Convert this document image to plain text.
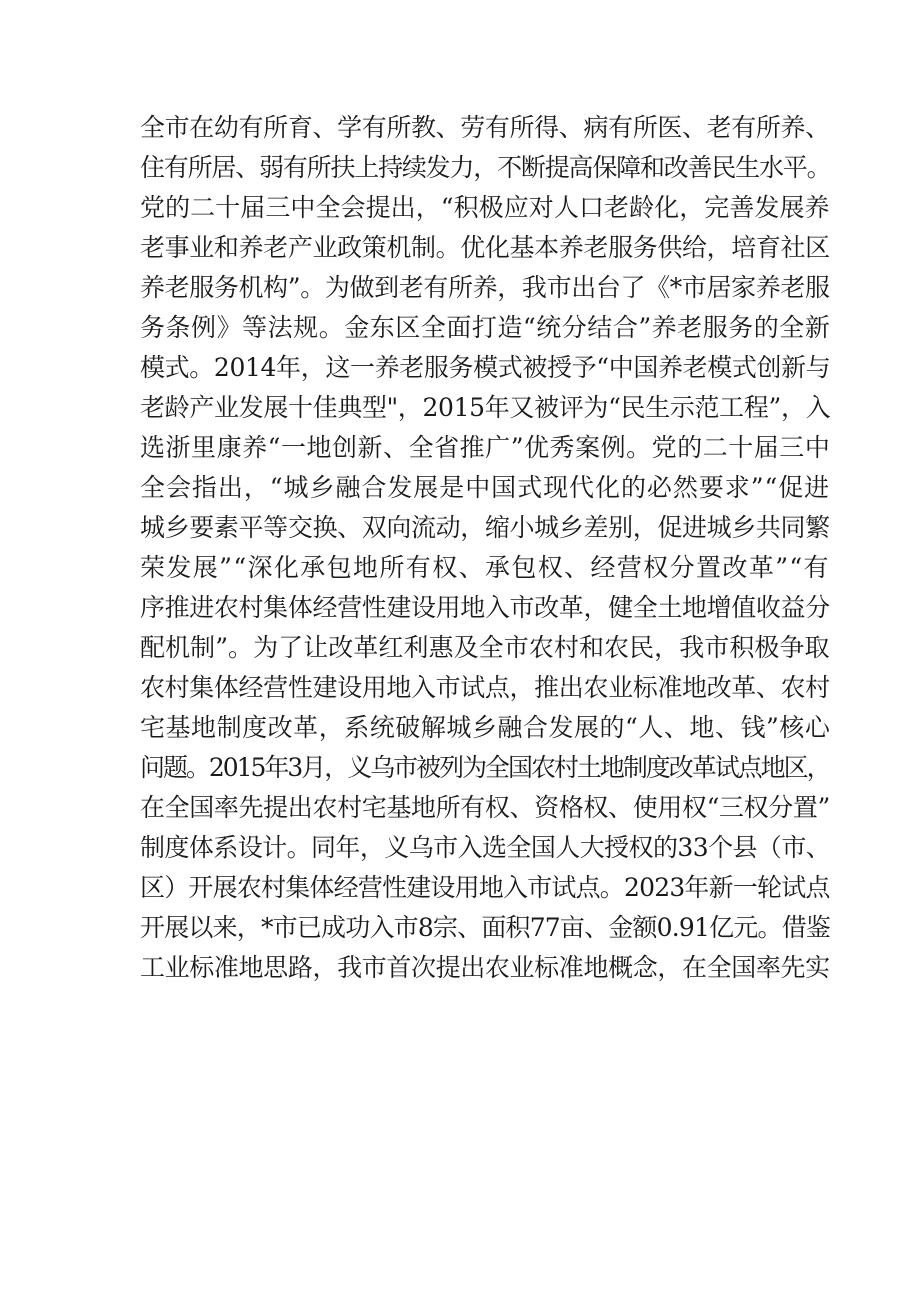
全市在幼有所育、学有所教、劳有所得、病有所医、老有所养、
住有所居、弱有所扶上持续发力，不断提高保障和改善民生水平。
党的二十届三中全会提出，“积极应对人口老龄化，完善发展养
老事业和养老产业政策机制。优化基本养老服务供给，培育社区
养老服务机构”。为做到老有所养，我市出台了《*市居家养老服
务条例》等法规。金东区全面打造“统分结合”养老服务的全新
模式。2014年，这一养老服务模式被授予“中国养老模式创新与
老龄产业发展十佳典型"，2015年又被评为“民生示范工程”，入
选浙里康养“一地创新、全省推广”优秀案例。党的二十届三中
全会指出，“城乡融合发展是中国式现代化的必然要求”“促进
城乡要素平等交换、双向流动，缩小城乡差别，促进城乡共同繁
荣发展”“深化承包地所有权、承包权、经营权分置改革”“有
序推进农村集体经营性建设用地入市改革，健全土地增值收益分
配机制”。为了让改革红利惠及全市农村和农民，我市积极争取
农村集体经营性建设用地入市试点，推出农业标准地改革、农村
宅基地制度改革，系统破解城乡融合发展的“人、地、钱”核心
问题。2015年3月，义乌市被列为全国农村土地制度改革试点地区，
在全国率先提出农村宅基地所有权、资格权、使用权“三权分置”
制度体系设计。同年，义乌市入选全国人大授权的33个县（市、
区）开展农村集体经营性建设用地入市试点。2023年新一轮试点
开展以来，*市已成功入市8宗、面积77亩、金额0.91亿元。借鉴
工业标准地思路，我市首次提出农业标准地概念，在全国率先实
